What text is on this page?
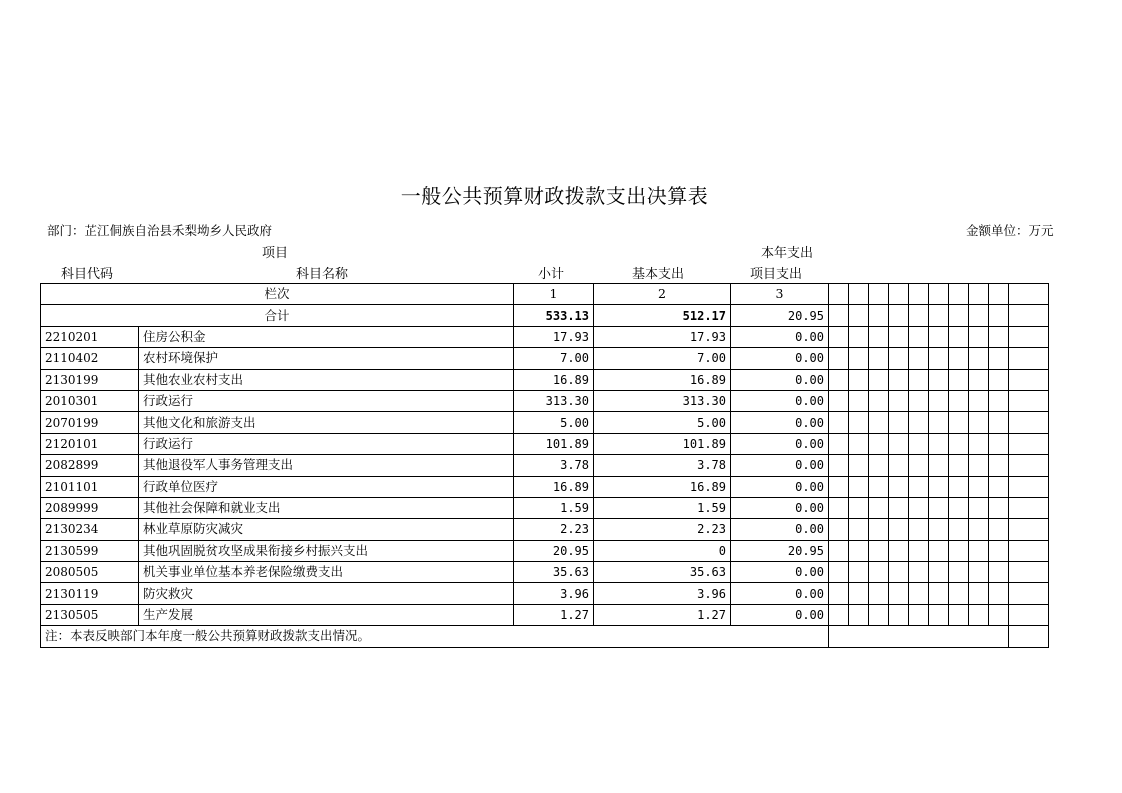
一般公共预算财政拨款支出决算表
部门：芷江侗族自治县禾梨坳乡人民政府	金额单位：万元
项目	本年支出
科目代码	科目名称	小计	基本支出	项目支出
栏次		1	2	3										
合计		533.13	512.17	20.95										
2210201	住房公积金	17.93	17.93	0.00										
2110402	农村环境保护	7.00	7.00	0.00										
2130199	其他农业农村支出	16.89	16.89	0.00										
2010301	行政运行	313.30	313.30	0.00										
2070199	其他文化和旅游支出	5.00	5.00	0.00										
2120101	行政运行	101.89	101.89	0.00										
2082899	其他退役军人事务管理支出	3.78	3.78	0.00										
2101101	行政单位医疗	16.89	16.89	0.00										
2089999	其他社会保障和就业支出	1.59	1.59	0.00										
2130234	林业草原防灾减灾	2.23	2.23	0.00										
2130599	其他巩固脱贫攻坚成果衔接乡村振兴支出	20.95	0	20.95										
2080505	机关事业单位基本养老保险缴费支出	35.63	35.63	0.00										
2130119	防灾救灾	3.96	3.96	0.00										
2130505	生产发展	1.27	1.27	0.00										
注：本表反映部门本年度一般公共预算财政拨款支出情况。														
